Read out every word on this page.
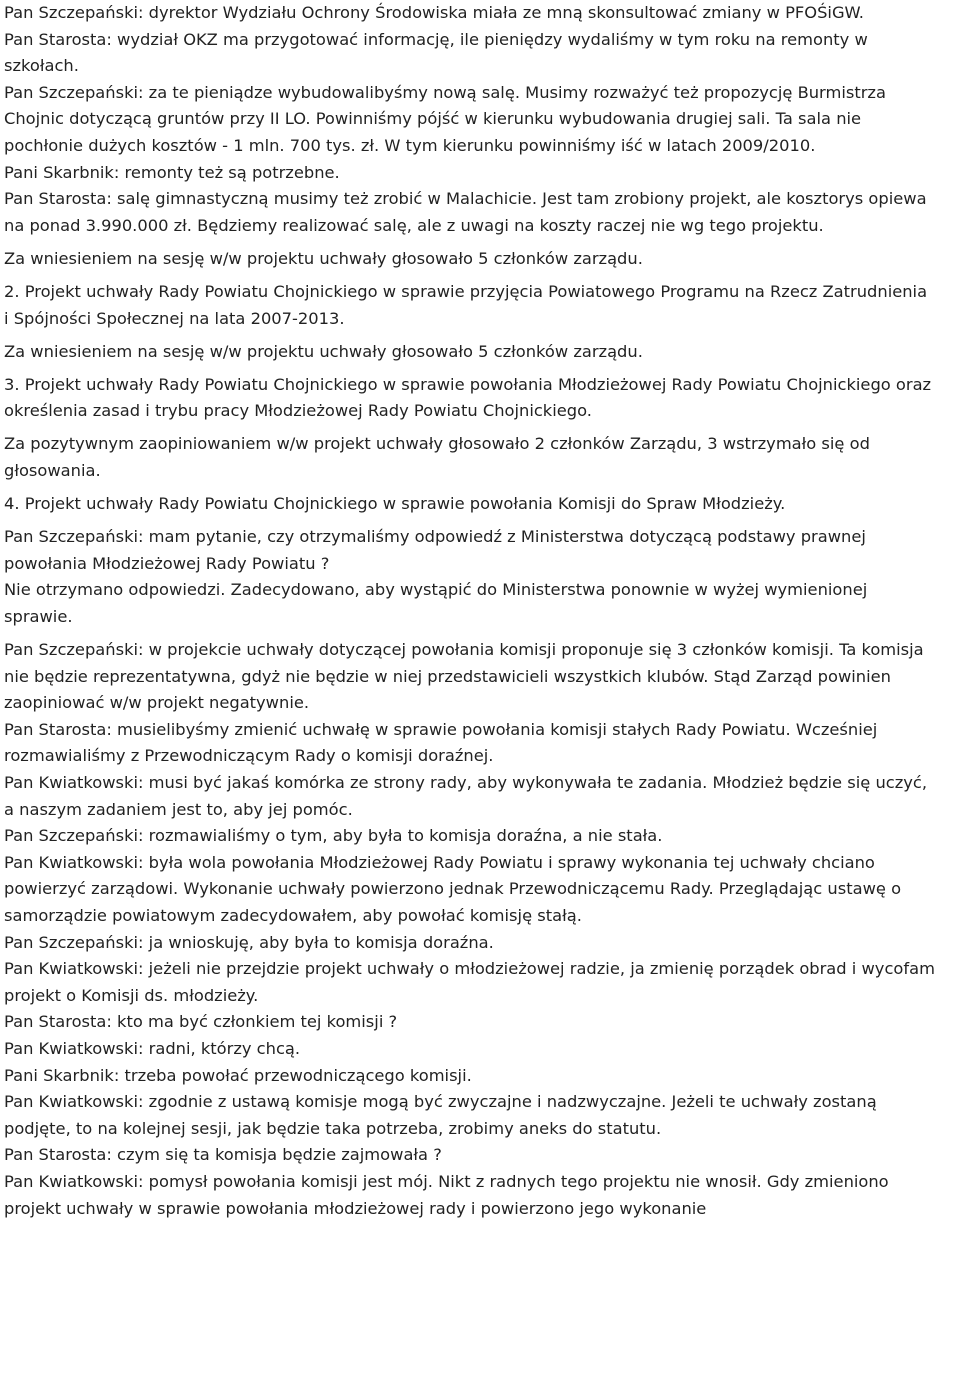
Pan Szczepański: dyrektor Wydziału Ochrony Środowiska miała ze mną skonsultować zmiany w PFOŚiGW.

Pan Starosta: wydział OKZ ma przygotować informację, ile pieniędzy wydaliśmy w tym roku na remonty w szkołach.

Pan Szczepański: za te pieniądze wybudowalibyśmy nową salę. Musimy rozważyć też propozycję Burmistrza Chojnic dotyczącą gruntów przy II LO. Powinniśmy pójść w kierunku wybudowania drugiej sali. Ta sala nie pochłonie dużych kosztów - 1 mln. 700 tys. zł. W tym kierunku powinniśmy iść w latach 2009/2010.

Pani Skarbnik: remonty też są potrzebne.

Pan Starosta: salę gimnastyczną musimy też zrobić w Malachicie. Jest tam zrobiony projekt, ale kosztorys opiewa na ponad 3.990.000 zł. Będziemy realizować salę, ale z uwagi na koszty raczej nie wg tego projektu.

Za wniesieniem na sesję w/w projektu uchwały głosowało 5 członków zarządu.

2. Projekt uchwały Rady Powiatu Chojnickiego w sprawie przyjęcia Powiatowego Programu na Rzecz Zatrudnienia i Spójności Społecznej na lata 2007-2013.

Za wniesieniem na sesję w/w projektu uchwały głosowało 5 członków zarządu.

3. Projekt uchwały Rady Powiatu Chojnickiego w sprawie powołania Młodzieżowej Rady Powiatu Chojnickiego oraz określenia zasad i trybu pracy Młodzieżowej Rady Powiatu Chojnickiego.

Za pozytywnym zaopiniowaniem w/w projekt uchwały głosowało 2 członków Zarządu, 3 wstrzymało się od głosowania.

4. Projekt uchwały Rady Powiatu Chojnickiego w sprawie powołania Komisji do Spraw Młodzieży.

Pan Szczepański: mam pytanie, czy otrzymaliśmy odpowiedź z Ministerstwa dotyczącą podstawy prawnej powołania Młodzieżowej Rady Powiatu ?

Nie otrzymano odpowiedzi. Zadecydowano, aby wystąpić do Ministerstwa ponownie w wyżej wymienionej sprawie.

Pan Szczepański: w projekcie uchwały dotyczącej powołania komisji proponuje się 3 członków komisji. Ta komisja nie będzie reprezentatywna, gdyż nie będzie w niej przedstawicieli wszystkich klubów. Stąd Zarząd powinien zaopiniować w/w projekt negatywnie.

Pan Starosta: musielibyśmy zmienić uchwałę w sprawie powołania komisji stałych Rady Powiatu. Wcześniej rozmawialiśmy z Przewodniczącym Rady o komisji doraźnej.

Pan Kwiatkowski: musi być jakaś komórka ze strony rady, aby wykonywała te zadania. Młodzież będzie się uczyć, a naszym zadaniem jest to, aby jej pomóc.

Pan Szczepański: rozmawialiśmy o tym, aby była to komisja doraźna, a nie stała.

Pan Kwiatkowski: była wola powołania Młodzieżowej Rady Powiatu i sprawy wykonania tej uchwały chciano powierzyć zarządowi. Wykonanie uchwały powierzono jednak Przewodniczącemu Rady. Przeglądając ustawę o samorządzie powiatowym zadecydowałem, aby powołać komisję stałą.

Pan Szczepański: ja wnioskuję, aby była to komisja doraźna.

Pan Kwiatkowski: jeżeli nie przejdzie projekt uchwały o młodzieżowej radzie, ja zmienię porządek obrad i wycofam projekt o Komisji ds. młodzieży.

Pan Starosta: kto ma być członkiem tej komisji ?

Pan Kwiatkowski: radni, którzy chcą.

Pani Skarbnik: trzeba powołać przewodniczącego komisji.

Pan Kwiatkowski: zgodnie z ustawą komisje mogą być zwyczajne i nadzwyczajne. Jeżeli te uchwały zostaną podjęte, to na kolejnej sesji, jak będzie taka potrzeba, zrobimy aneks do statutu.

Pan Starosta: czym się ta komisja będzie zajmowała ?

Pan Kwiatkowski: pomysł powołania komisji jest mój. Nikt z radnych tego projektu nie wnosił. Gdy zmieniono projekt uchwały w sprawie powołania młodzieżowej rady i powierzono jego wykonanie
